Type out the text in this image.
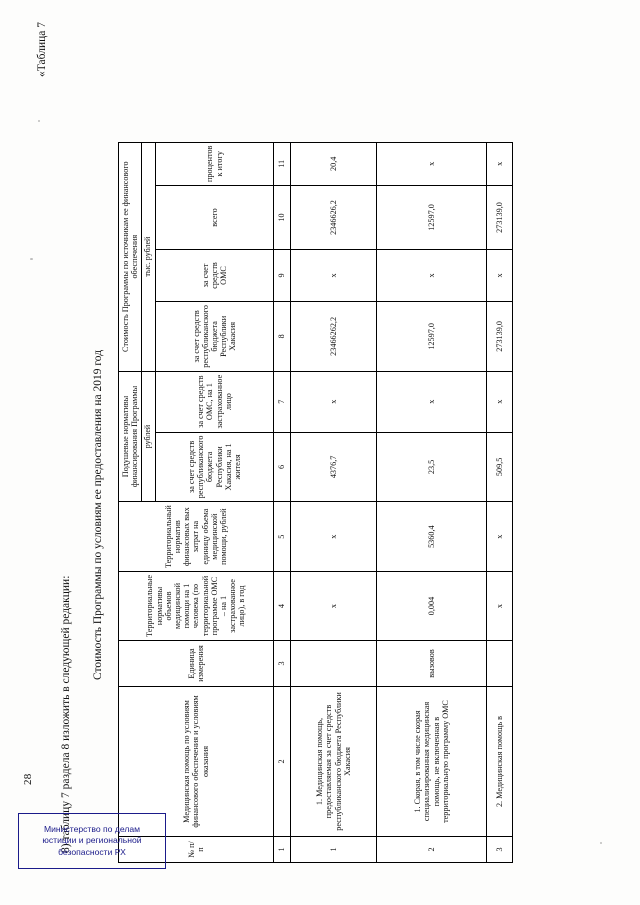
28 8) таблицу 7 раздела 8 изложить в следующей редакции:
Стоимость Программы по условиям ее предоставления на 2019 год
«Таблица 7
№ п/п	Медицинская помощь по условиям финансового обеспечения и условиям оказания	Единица измерения	Территориальные нормативы объемов медицинской помощи на 1 человека (по территориальной программе ОМС – на 1 застрахованное лицо), в год	Территориальный норматив финансовых вых затрат на единицу объема медицинской помощи, рублей	Подушевые нормативы финансирования Программы		Стоимость Программы по источникам ее финансового обеспечения			
					рублей		тыс. рублей			
					за счет средств республиканского бюджета Республики Хакасия, на 1 жителя	за счет средств ОМС, на 1 застрахованное лицо	за счет средств республиканского бюджета Республики Хакасия	за счет средств ОМС	всего	процентов к итогу

1	2	3	4	5	6	7	8	9	10	11
1	1. Медицинская помощь, предоставляемая за счет средств республиканского бюджета Республики Хакасия		х	х	4376,7	х	23466262,2	х	2346626,2	20,4
2	1. Скорая, в том числе скорая специализированная медицинская помощь, не включенная в территориальную программу ОМС	вызовов	0,004	5360,4	23,5	х	12597,0	х	12597,0	х
3	2. Медицинская помощь в		х	х	509,5	х	273139,0	х	273139,0	х
Министерство по делам
юстиции и региональной
безопасности РХ
